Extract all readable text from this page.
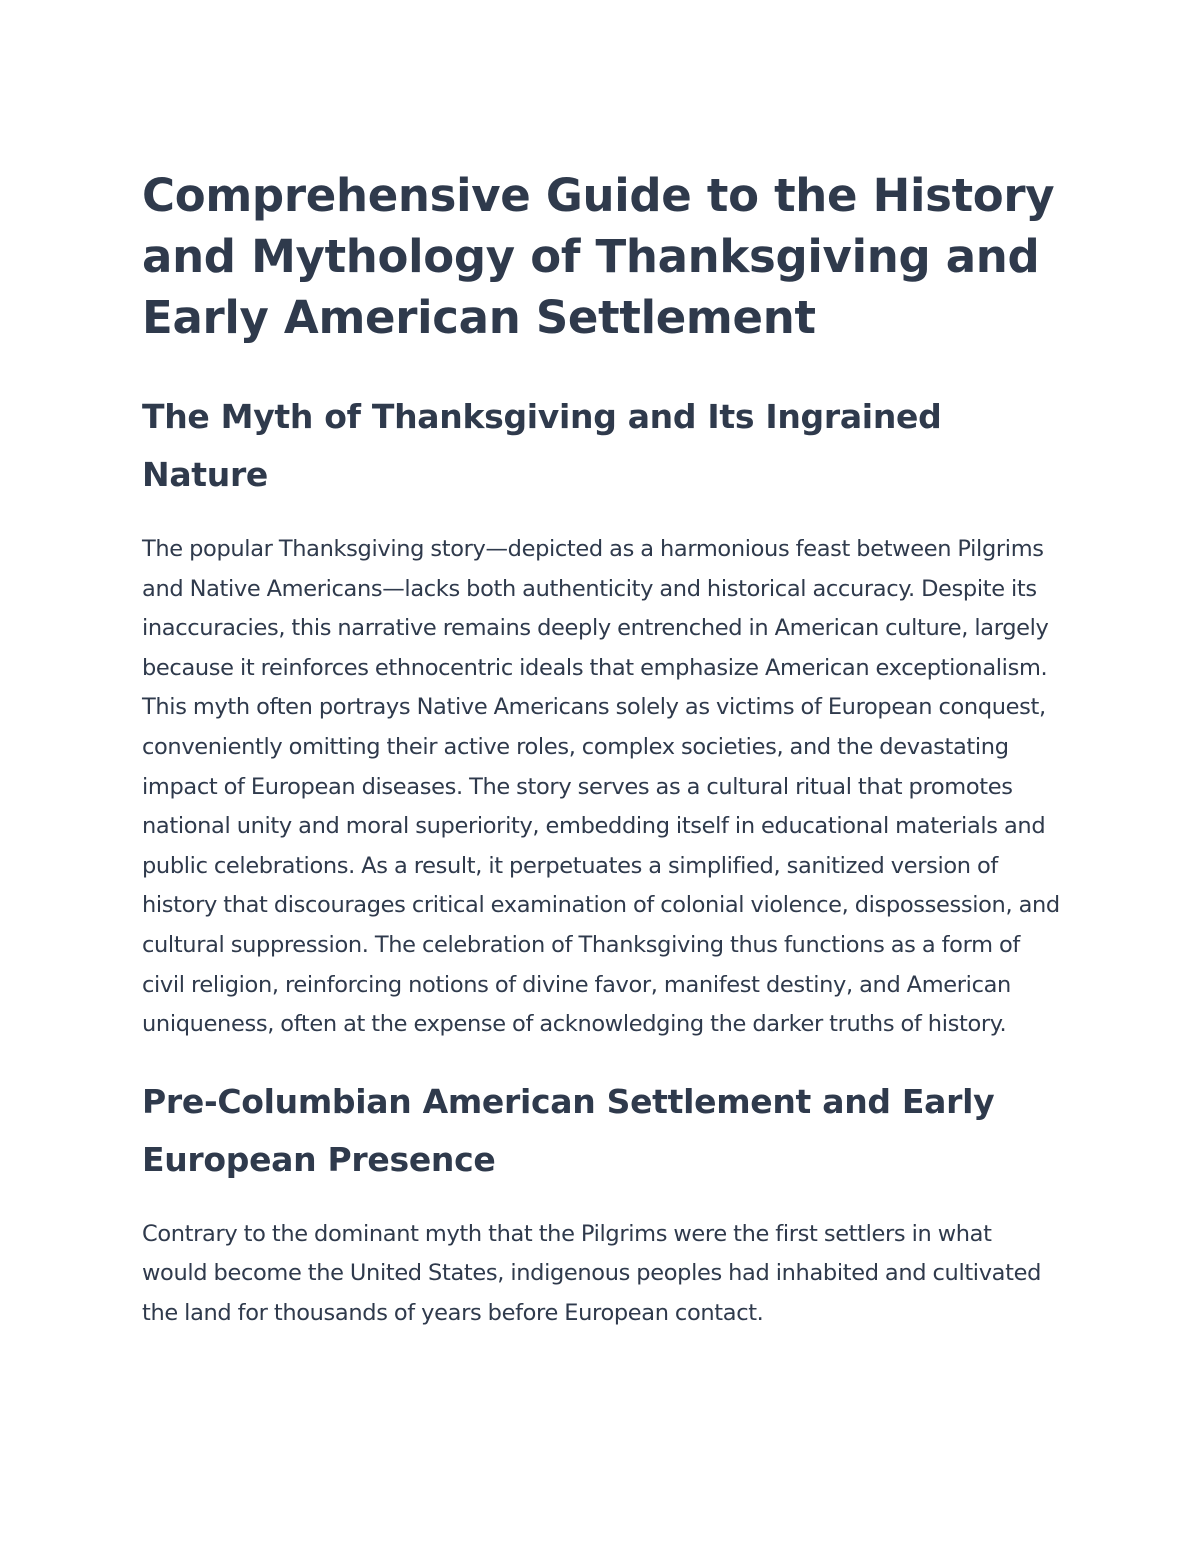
Comprehensive Guide to the History and Mythology of Thanksgiving and Early American Settlement
The Myth of Thanksgiving and Its Ingrained Nature

The popular Thanksgiving story—depicted as a harmonious feast between Pilgrims and Native Americans—lacks both authenticity and historical accuracy. Despite its inaccuracies, this narrative remains deeply entrenched in American culture, largely because it reinforces ethnocentric ideals that emphasize American exceptionalism. This myth often portrays Native Americans solely as victims of European conquest, conveniently omitting their active roles, complex societies, and the devastating impact of European diseases. The story serves as a cultural ritual that promotes national unity and moral superiority, embedding itself in educational materials and public celebrations. As a result, it perpetuates a simplified, sanitized version of history that discourages critical examination of colonial violence, dispossession, and cultural suppression. The celebration of Thanksgiving thus functions as a form of civil religion, reinforcing notions of divine favor, manifest destiny, and American uniqueness, often at the expense of acknowledging the darker truths of history.

Pre-Columbian American Settlement and Early European Presence

Contrary to the dominant myth that the Pilgrims were the first settlers in what would become the United States, indigenous peoples had inhabited and cultivated the land for thousands of years before European contact.
